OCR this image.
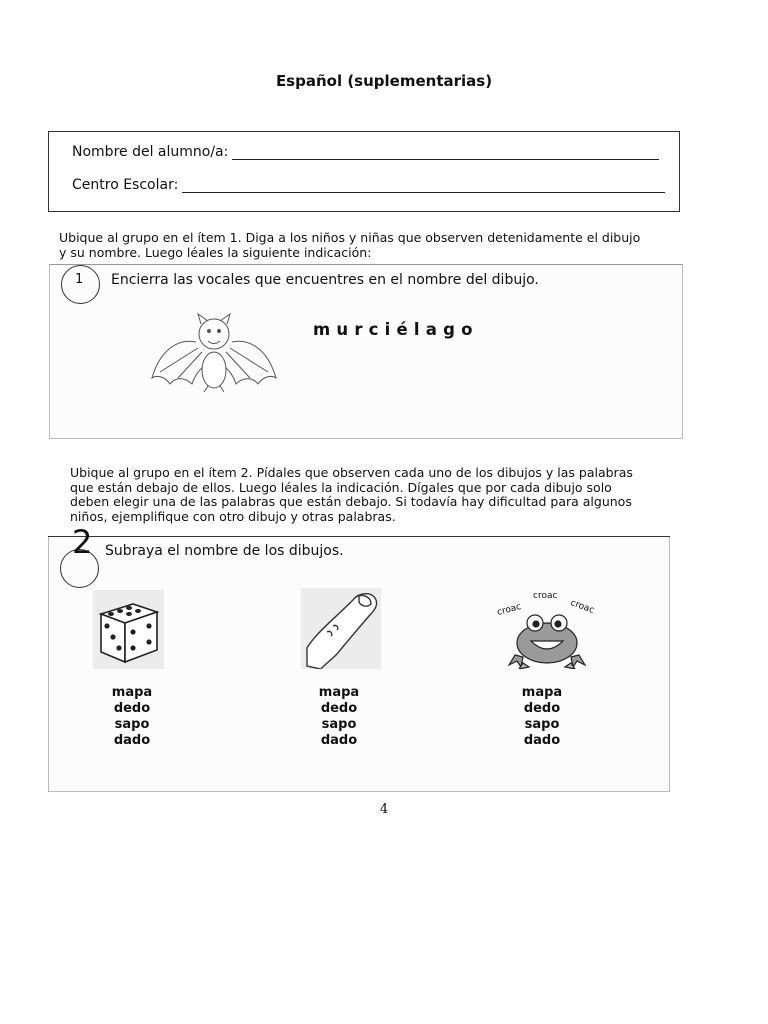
Español (suplementarias)
Nombre del alumno/a:
Centro Escolar:
Ubique al grupo en el ítem 1. Diga a los niños y niñas que observen detenidamente el dibujo
y su nombre. Luego léales la siguiente indicación:
1 Encierra las vocales que encuentres en el nombre del dibujo.
murciélago
Ubique al grupo en el ítem 2. Pídales que observen cada uno de los dibujos y las palabras
que están debajo de ellos. Luego léales la indicación. Dígales que por cada dibujo solo
deben elegir una de las palabras que están debajo. Si todavía hay dificultad para algunos
niños, ejemplifique con otro dibujo y otras palabras.
2 Subraya el nombre de los dibujos.
croac
croac
croac
mapa
dedo
sapo
dado
mapa
dedo
sapo
dado
mapa
dedo
sapo
dado
4
